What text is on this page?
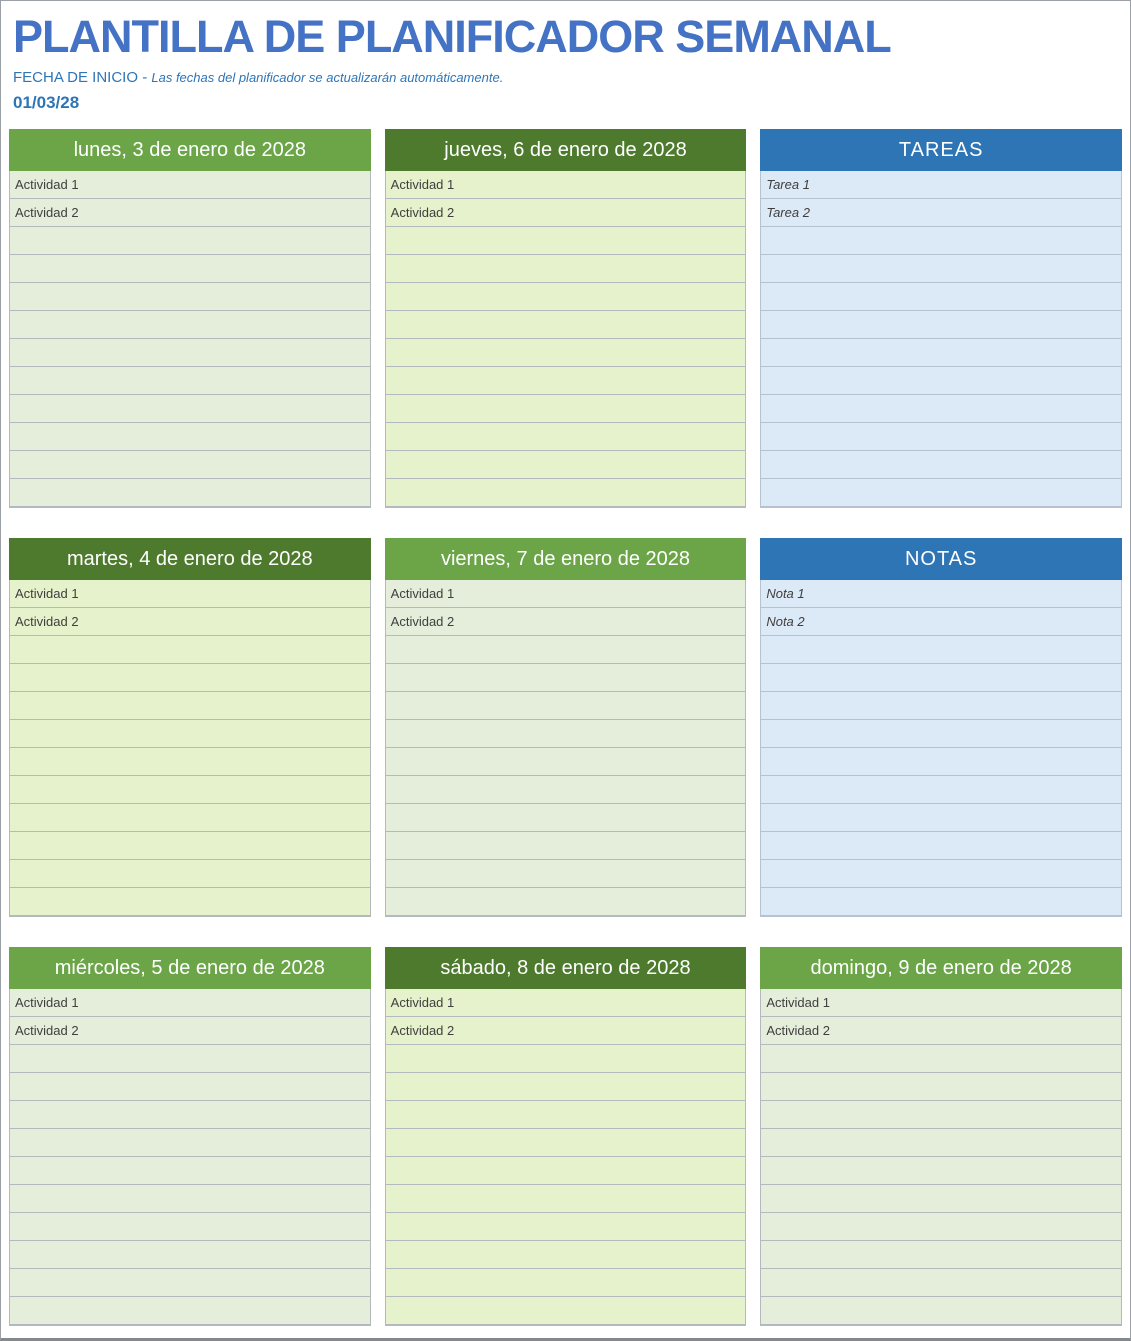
PLANTILLA DE PLANIFICADOR SEMANAL
FECHA DE INICIO - Las fechas del planificador se actualizarán automáticamente.
01/03/28
lunes, 3 de enero de 2028
Actividad 1
Actividad 2
jueves, 6 de enero de 2028
Actividad 1
Actividad 2
TAREAS
Tarea 1
Tarea 2
martes, 4 de enero de 2028
Actividad 1
Actividad 2
viernes, 7 de enero de 2028
Actividad 1
Actividad 2
NOTAS
Nota 1
Nota 2
miércoles, 5 de enero de 2028
Actividad 1
Actividad 2
sábado, 8 de enero de 2028
Actividad 1
Actividad 2
domingo, 9 de enero de 2028
Actividad 1
Actividad 2
